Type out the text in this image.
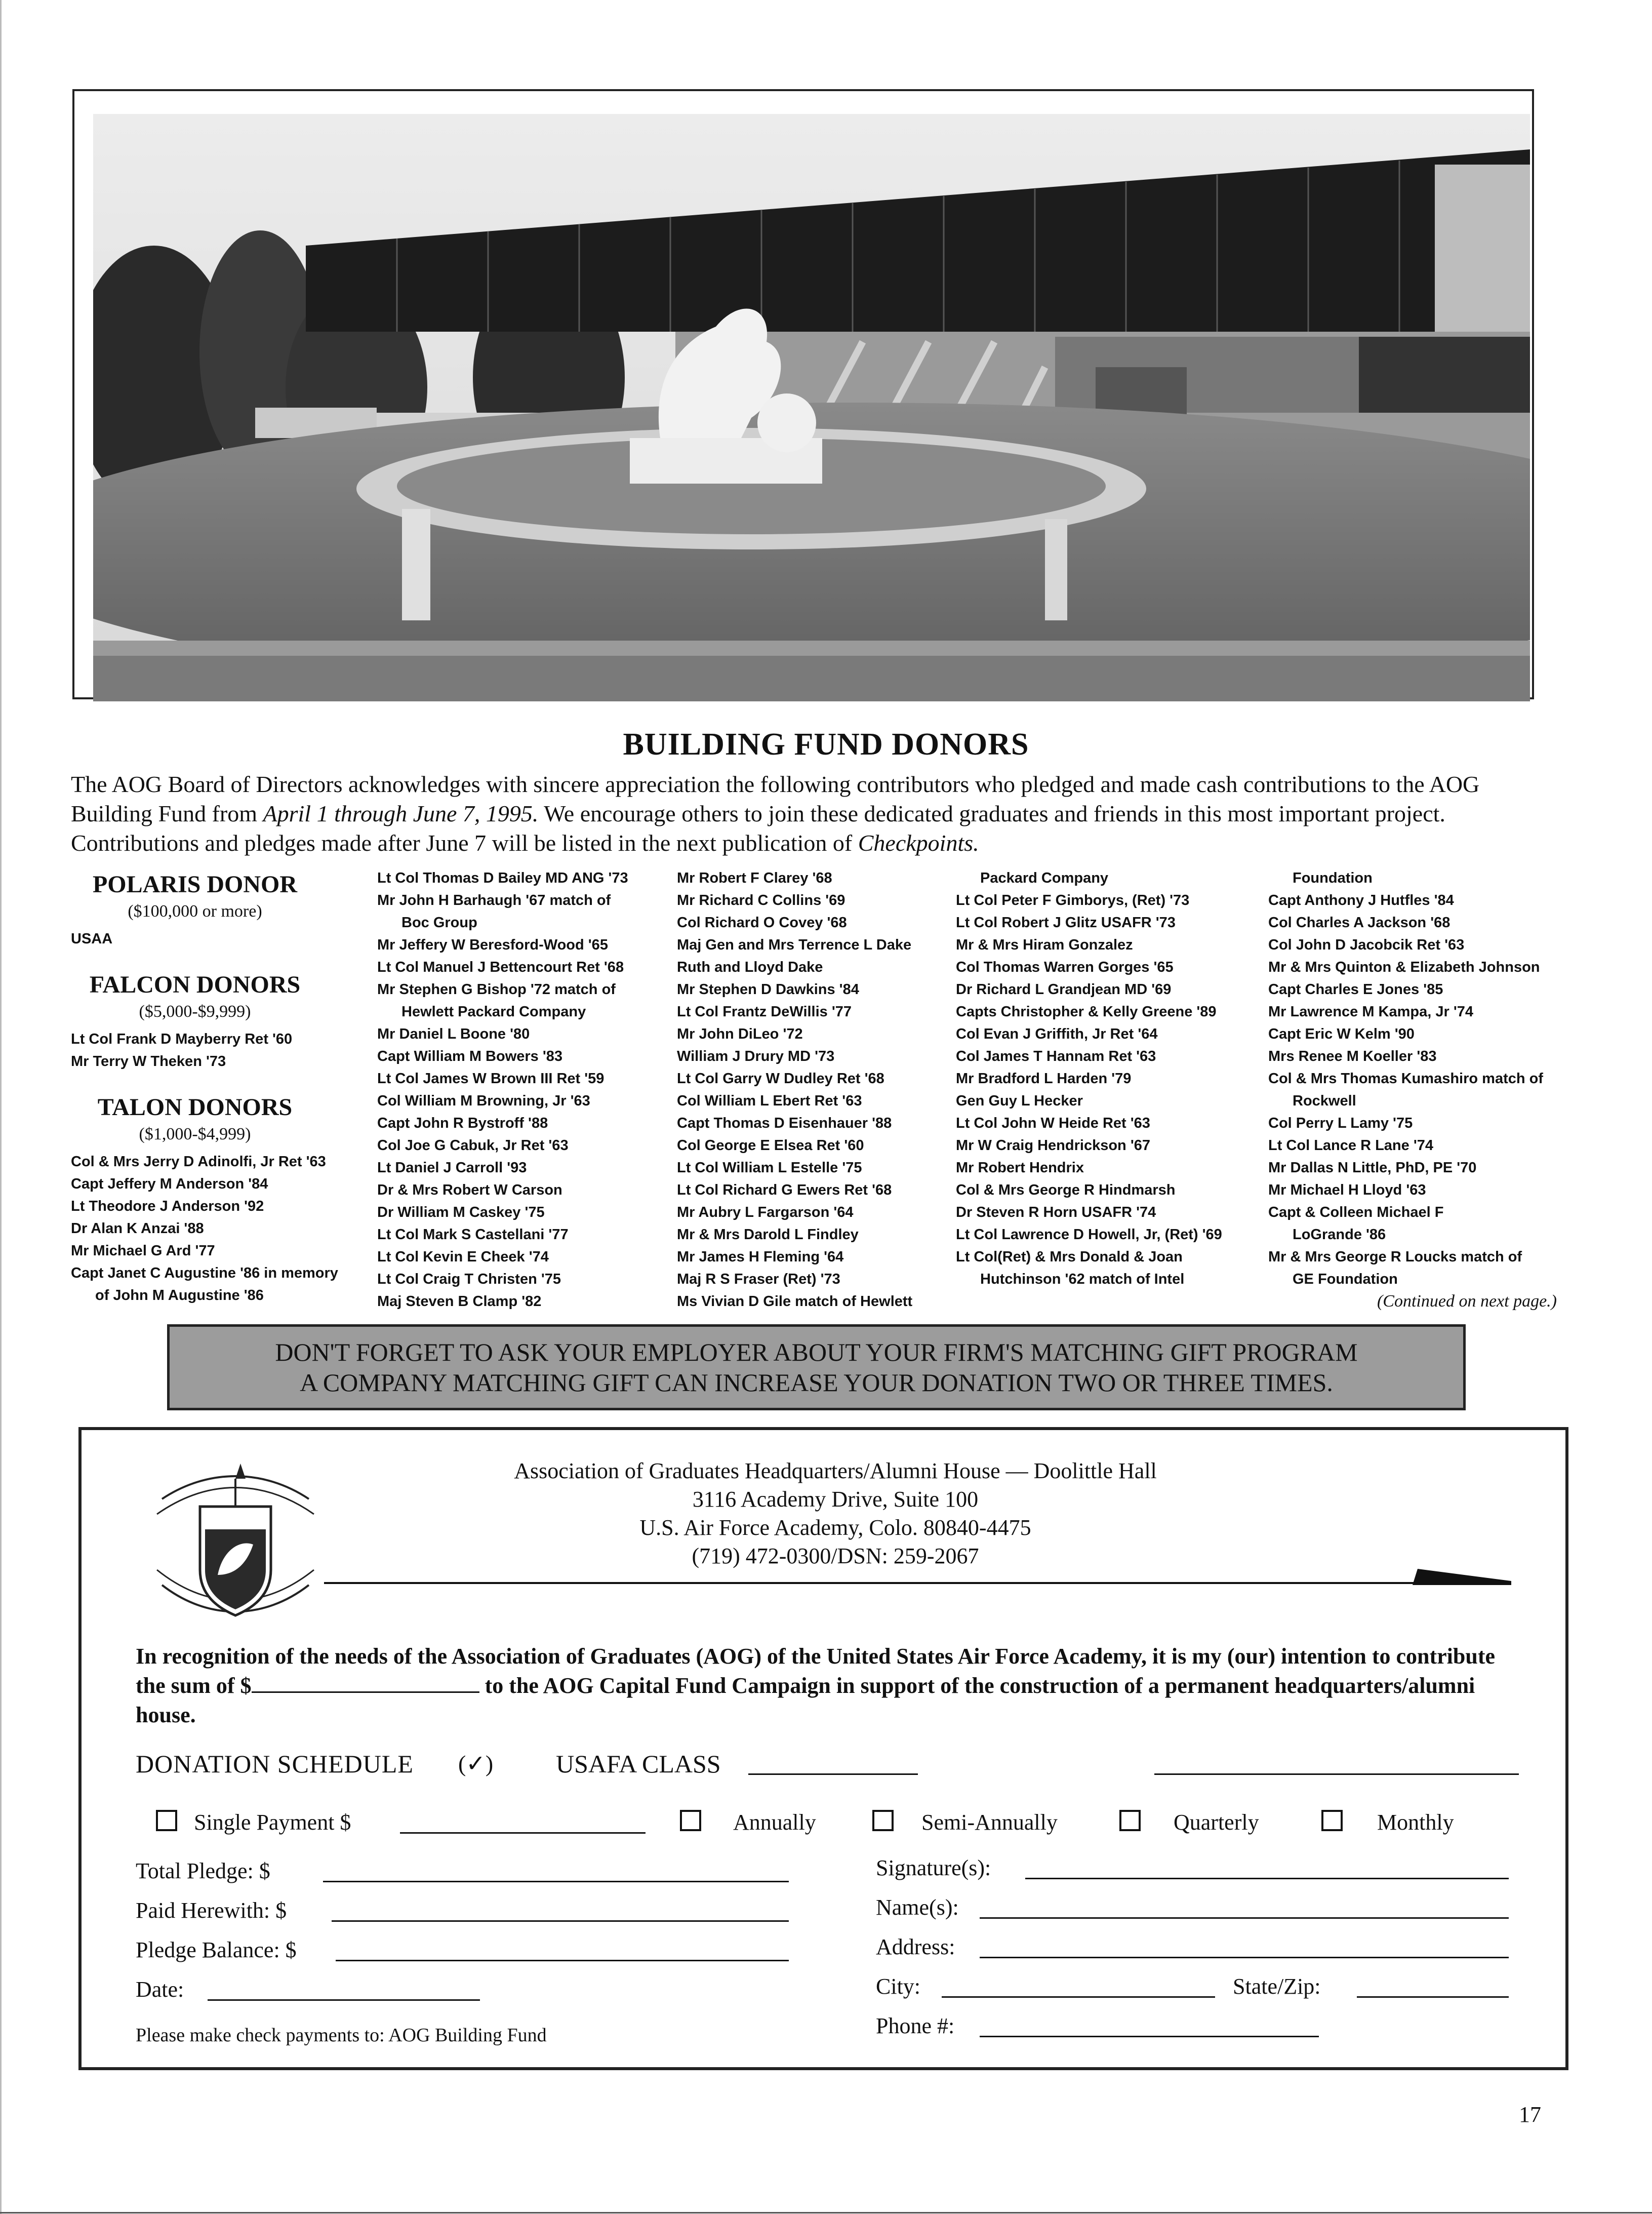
BUILDING FUND DONORS
The AOG Board of Directors acknowledges with sincere appreciation the following contributors who pledged and made cash contributions to the AOG Building Fund from April 1 through June 7, 1995. We encourage others to join these dedicated graduates and friends in this most important project. Contributions and pledges made after June 7 will be listed in the next publication of Checkpoints.
POLARIS DONOR
($100,000 or more)
USAA
FALCON DONORS
($5,000-$9,999)
Lt Col Frank D Mayberry Ret '60
Mr Terry W Theken '73
TALON DONORS
($1,000-$4,999)
Col & Mrs Jerry D Adinolfi, Jr Ret '63
Capt Jeffery M Anderson '84
Lt Theodore J Anderson '92
Dr Alan K Anzai '88
Mr Michael G Ard '77
Capt Janet C Augustine '86 in memory
of John M Augustine '86
Lt Col Thomas D Bailey MD ANG '73
Mr John H Barhaugh '67 match of
Boc Group
Mr Jeffery W Beresford-Wood '65
Lt Col Manuel J Bettencourt Ret '68
Mr Stephen G Bishop '72 match of
Hewlett Packard Company
Mr Daniel L Boone '80
Capt William M Bowers '83
Lt Col James W Brown III Ret '59
Col William M Browning, Jr '63
Capt John R Bystroff '88
Col Joe G Cabuk, Jr Ret '63
Lt Daniel J Carroll '93
Dr & Mrs Robert W Carson
Dr William M Caskey '75
Lt Col Mark S Castellani '77
Lt Col Kevin E Cheek '74
Lt Col Craig T Christen '75
Maj Steven B Clamp '82
Mr Robert F Clarey '68
Mr Richard C Collins '69
Col Richard O Covey '68
Maj Gen and Mrs Terrence L Dake
Ruth and Lloyd Dake
Mr Stephen D Dawkins '84
Lt Col Frantz DeWillis '77
Mr John DiLeo '72
William J Drury MD '73
Lt Col Garry W Dudley Ret '68
Col William L Ebert Ret '63
Capt Thomas D Eisenhauer '88
Col George E Elsea Ret '60
Lt Col William L Estelle '75
Lt Col Richard G Ewers Ret '68
Mr Aubry L Fargarson '64
Mr & Mrs Darold L Findley
Mr James H Fleming '64
Maj R S Fraser (Ret) '73
Ms Vivian D Gile match of Hewlett
Packard Company
Lt Col Peter F Gimborys, (Ret) '73
Lt Col Robert J Glitz USAFR '73
Mr & Mrs Hiram Gonzalez
Col Thomas Warren Gorges '65
Dr Richard L Grandjean MD '69
Capts Christopher & Kelly Greene '89
Col Evan J Griffith, Jr Ret '64
Col James T Hannam Ret '63
Mr Bradford L Harden '79
Gen Guy L Hecker
Lt Col John W Heide Ret '63
Mr W Craig Hendrickson '67
Mr Robert Hendrix
Col & Mrs George R Hindmarsh
Dr Steven R Horn USAFR '74
Lt Col Lawrence D Howell, Jr, (Ret) '69
Lt Col(Ret) & Mrs Donald & Joan
Hutchinson '62 match of Intel
Foundation
Capt Anthony J Hutfles '84
Col Charles A Jackson '68
Col John D Jacobcik Ret '63
Mr & Mrs Quinton & Elizabeth Johnson
Capt Charles E Jones '85
Mr Lawrence M Kampa, Jr '74
Capt Eric W Kelm '90
Mrs Renee M Koeller '83
Col & Mrs Thomas Kumashiro match of
Rockwell
Col Perry L Lamy '75
Lt Col Lance R Lane '74
Mr Dallas N Little, PhD, PE '70
Mr Michael H Lloyd '63
Capt & Colleen Michael F
LoGrande '86
Mr & Mrs George R Loucks match of
GE Foundation
(Continued on next page.)
DON'T FORGET TO ASK YOUR EMPLOYER ABOUT YOUR FIRM'S MATCHING GIFT PROGRAM
A COMPANY MATCHING GIFT CAN INCREASE YOUR DONATION TWO OR THREE TIMES.
Association of Graduates Headquarters/Alumni House — Doolittle Hall
3116 Academy Drive, Suite 100
U.S. Air Force Academy, Colo. 80840-4475
(719) 472-0300/DSN: 259-2067
In recognition of the needs of the Association of Graduates (AOG) of the United States Air Force Academy, it is my (our) intention to contribute the sum of $	to the AOG Capital Fund Campaign in support of the construction of a permanent headquarters/alumni house.
DONATION SCHEDULE (✓) USAFA CLASS
Single Payment $	Annually	Semi-Annually	Quarterly	Monthly
Total Pledge: $
Paid Herewith: $
Pledge Balance: $
Date:
Please make check payments to: AOG Building Fund
Signature(s):
Name(s):
Address:
City:	State/Zip:
Phone #:
17
